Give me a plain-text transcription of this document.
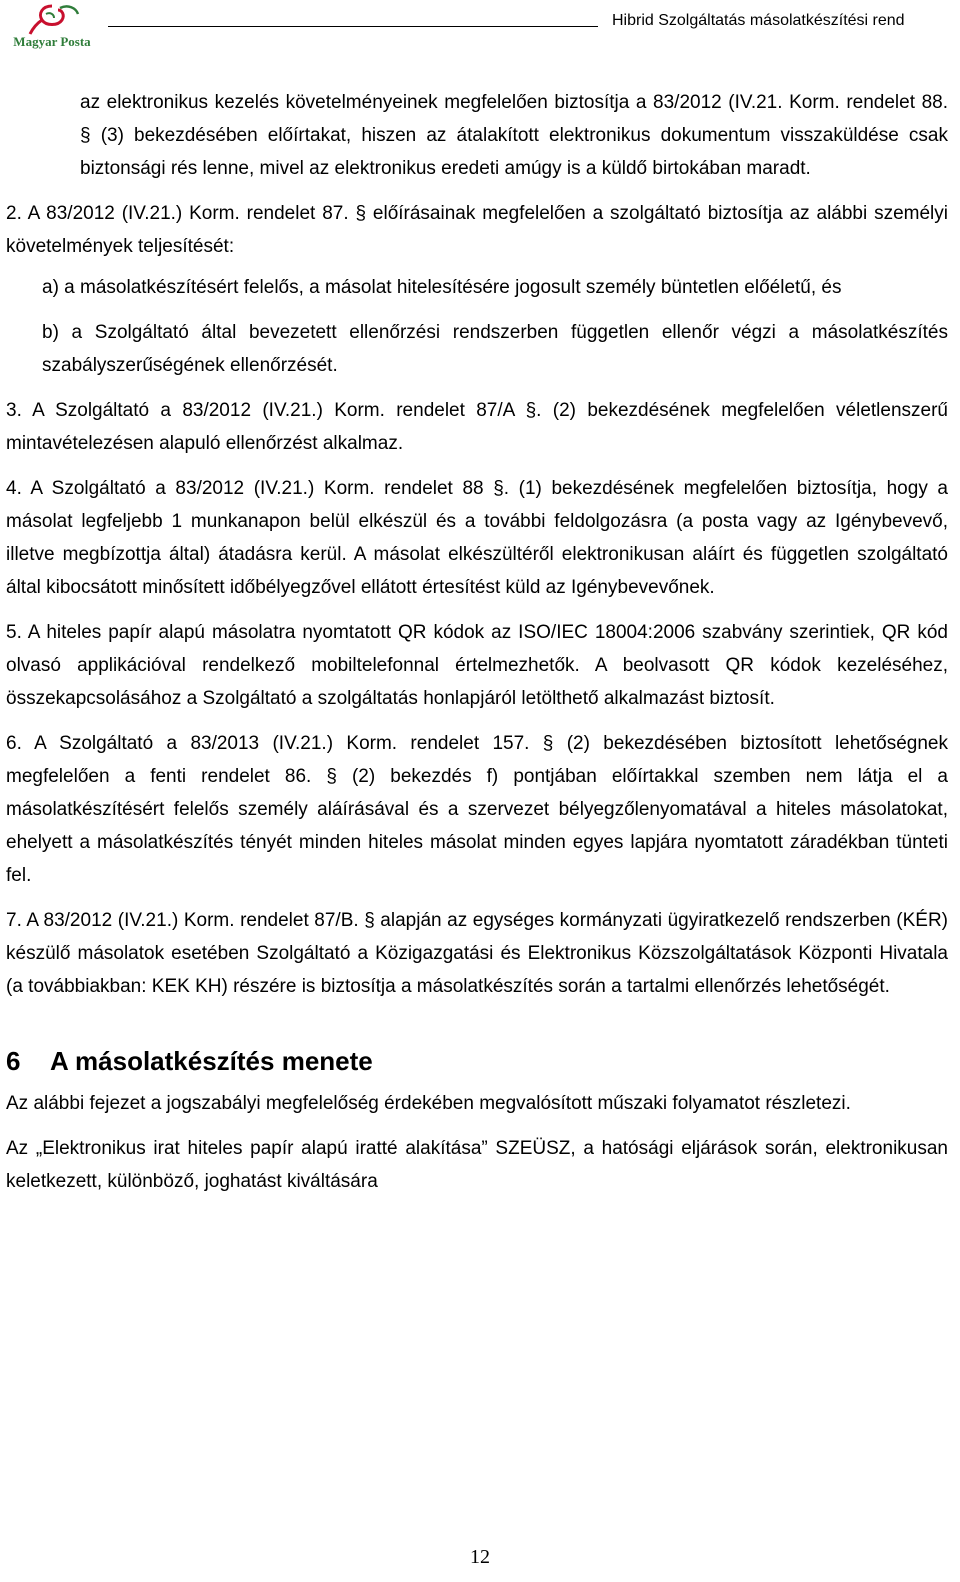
Magyar Posta
Hibrid Szolgáltatás másolatkészítési rend

az elektronikus kezelés követelményeinek megfelelően biztosítja a 83/2012 (IV.21. Korm. rendelet 88. § (3) bekezdésében előírtakat, hiszen az átalakított elektronikus dokumentum visszaküldése csak biztonsági rés lenne, mivel az elektronikus eredeti amúgy is a küldő birtokában maradt.

2. A 83/2012 (IV.21.) Korm. rendelet 87. § előírásainak megfelelően a szolgáltató biztosítja az alábbi személyi követelmények teljesítését:

a) a másolatkészítésért felelős, a másolat hitelesítésére jogosult személy büntetlen előéletű, és

b) a Szolgáltató által bevezetett ellenőrzési rendszerben független ellenőr végzi a másolatkészítés szabályszerűségének ellenőrzését.

3. A Szolgáltató a 83/2012 (IV.21.) Korm. rendelet 87/A §. (2) bekezdésének megfelelően véletlenszerű mintavételezésen alapuló ellenőrzést alkalmaz.

4. A Szolgáltató a 83/2012 (IV.21.) Korm. rendelet 88 §. (1) bekezdésének megfelelően biztosítja, hogy a másolat legfeljebb 1 munkanapon belül elkészül és a további feldolgozásra (a posta vagy az Igénybevevő, illetve megbízottja által) átadásra kerül. A másolat elkészültéről elektronikusan aláírt és független szolgáltató által kibocsátott minősített időbélyegzővel ellátott értesítést küld az Igénybevevőnek.

5. A hiteles papír alapú másolatra nyomtatott QR kódok az ISO/IEC 18004:2006 szabvány szerintiek, QR kód olvasó applikációval rendelkező mobiltelefonnal értelmezhetők. A beolvasott QR kódok kezeléséhez, összekapcsolásához a Szolgáltató a szolgáltatás honlapjáról letölthető alkalmazást biztosít.

6. A Szolgáltató a 83/2013 (IV.21.) Korm. rendelet 157. § (2) bekezdésében biztosított lehetőségnek megfelelően a fenti rendelet 86. § (2) bekezdés f) pontjában előírtakkal szemben nem látja el a másolatkészítésért felelős személy aláírásával és a szervezet bélyegzőlenyomatával a hiteles másolatokat, ehelyett a másolatkészítés tényét minden hiteles másolat minden egyes lapjára nyomtatott záradékban tünteti fel.

7. A 83/2012 (IV.21.) Korm. rendelet 87/B. § alapján az egységes kormányzati ügyiratkezelő rendszerben (KÉR) készülő másolatok esetében Szolgáltató a Közigazgatási és Elektronikus Közszolgáltatások Központi Hivatala (a továbbiakban: KEK KH) részére is biztosítja a másolatkészítés során a tartalmi ellenőrzés lehetőségét.

6 A másolatkészítés menete

Az alábbi fejezet a jogszabályi megfelelőség érdekében megvalósított műszaki folyamatot részletezi.

Az „Elektronikus irat hiteles papír alapú iratté alakítása” SZEÜSZ, a hatósági eljárások során, elektronikusan keletkezett, különböző, joghatást kiváltására

12
